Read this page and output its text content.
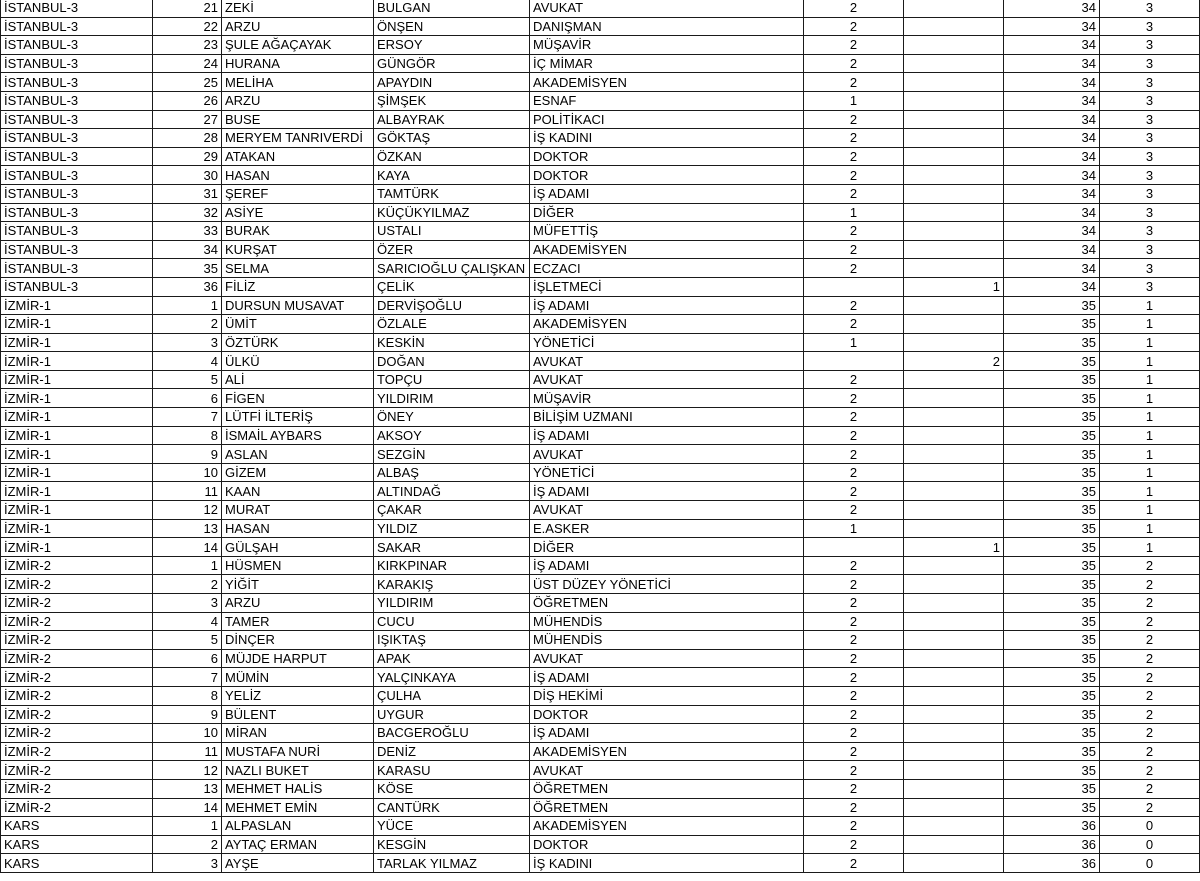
İSTANBUL-3	21	ZEKİ	BULGAN	AVUKAT	2		34	3
İSTANBUL-3	22	ARZU	ÖNŞEN	DANIŞMAN	2		34	3
İSTANBUL-3	23	ŞULE AĞAÇAYAK	ERSOY	MÜŞAVİR	2		34	3
İSTANBUL-3	24	HURANA	GÜNGÖR	İÇ MİMAR	2		34	3
İSTANBUL-3	25	MELİHA	APAYDIN	AKADEMİSYEN	2		34	3
İSTANBUL-3	26	ARZU	ŞİMŞEK	ESNAF	1		34	3
İSTANBUL-3	27	BUSE	ALBAYRAK	POLİTİKACI	2		34	3
İSTANBUL-3	28	MERYEM TANRIVERDİ	GÖKTAŞ	İŞ KADINI	2		34	3
İSTANBUL-3	29	ATAKAN	ÖZKAN	DOKTOR	2		34	3
İSTANBUL-3	30	HASAN	KAYA	DOKTOR	2		34	3
İSTANBUL-3	31	ŞEREF	TAMTÜRK	İŞ ADAMI	2		34	3
İSTANBUL-3	32	ASİYE	KÜÇÜKYILMAZ	DİĞER	1		34	3
İSTANBUL-3	33	BURAK	USTALI	MÜFETTİŞ	2		34	3
İSTANBUL-3	34	KURŞAT	ÖZER	AKADEMİSYEN	2		34	3
İSTANBUL-3	35	SELMA	SARICIOĞLU ÇALIŞKAN	ECZACI	2		34	3
İSTANBUL-3	36	FİLİZ	ÇELİK	İŞLETMECİ		1	34	3
İZMİR-1	1	DURSUN MUSAVAT	DERVİŞOĞLU	İŞ ADAMI	2		35	1
İZMİR-1	2	ÜMİT	ÖZLALE	AKADEMİSYEN	2		35	1
İZMİR-1	3	ÖZTÜRK	KESKİN	YÖNETİCİ	1		35	1
İZMİR-1	4	ÜLKÜ	DOĞAN	AVUKAT		2	35	1
İZMİR-1	5	ALİ	TOPÇU	AVUKAT	2		35	1
İZMİR-1	6	FİGEN	YILDIRIM	MÜŞAVİR	2		35	1
İZMİR-1	7	LÜTFİ İLTERİŞ	ÖNEY	BİLİŞİM UZMANI	2		35	1
İZMİR-1	8	İSMAİL AYBARS	AKSOY	İŞ ADAMI	2		35	1
İZMİR-1	9	ASLAN	SEZGİN	AVUKAT	2		35	1
İZMİR-1	10	GİZEM	ALBAŞ	YÖNETİCİ	2		35	1
İZMİR-1	11	KAAN	ALTINDAĞ	İŞ ADAMI	2		35	1
İZMİR-1	12	MURAT	ÇAKAR	AVUKAT	2		35	1
İZMİR-1	13	HASAN	YILDIZ	E.ASKER	1		35	1
İZMİR-1	14	GÜLŞAH	SAKAR	DİĞER		1	35	1
İZMİR-2	1	HÜSMEN	KIRKPINAR	İŞ ADAMI	2		35	2
İZMİR-2	2	YİĞİT	KARAKIŞ	ÜST DÜZEY YÖNETİCİ	2		35	2
İZMİR-2	3	ARZU	YILDIRIM	ÖĞRETMEN	2		35	2
İZMİR-2	4	TAMER	CUCU	MÜHENDİS	2		35	2
İZMİR-2	5	DİNÇER	IŞIKTAŞ	MÜHENDİS	2		35	2
İZMİR-2	6	MÜJDE HARPUT	APAK	AVUKAT	2		35	2
İZMİR-2	7	MÜMİN	YALÇINKAYA	İŞ ADAMI	2		35	2
İZMİR-2	8	YELİZ	ÇULHA	DİŞ HEKİMİ	2		35	2
İZMİR-2	9	BÜLENT	UYGUR	DOKTOR	2		35	2
İZMİR-2	10	MİRAN	BACGEROĞLU	İŞ ADAMI	2		35	2
İZMİR-2	11	MUSTAFA NURİ	DENİZ	AKADEMİSYEN	2		35	2
İZMİR-2	12	NAZLI BUKET	KARASU	AVUKAT	2		35	2
İZMİR-2	13	MEHMET HALİS	KÖSE	ÖĞRETMEN	2		35	2
İZMİR-2	14	MEHMET EMİN	CANTÜRK	ÖĞRETMEN	2		35	2
KARS	1	ALPASLAN	YÜCE	AKADEMİSYEN	2		36	0
KARS	2	AYTAÇ ERMAN	KESGİN	DOKTOR	2		36	0
KARS	3	AYŞE	TARLAK YILMAZ	İŞ KADINI	2		36	0
